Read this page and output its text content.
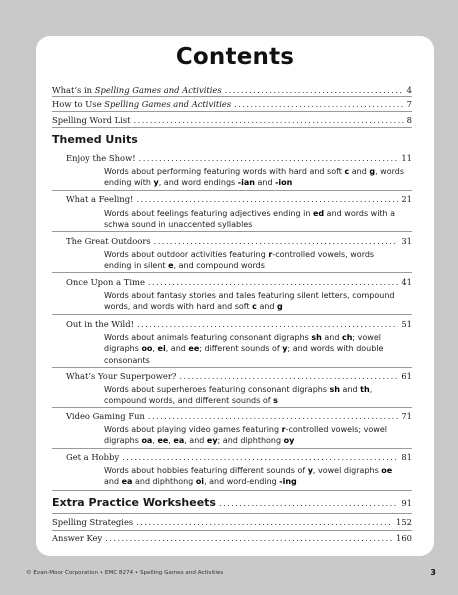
Contents
What’s in Spelling Games and Activities .....	4
How to Use Spelling Games and Activities .....	7
Spelling Word List .....	8
Themed Units
Enjoy the Show! .....	11
Words about performing featuring words with hard and soft c and g, words ending with y, and word endings -ian and -ion
What a Feeling! .....	21
Words about feelings featuring adjectives ending in ed and words with a schwa sound in unaccented syllables
The Great Outdoors .....	31
Words about outdoor activities featuring r-controlled vowels, words ending in silent e, and compound words
Once Upon a Time .....	41
Words about fantasy stories and tales featuring silent letters, compound words, and words with hard and soft c and g
Out in the Wild! .....	51
Words about animals featuring consonant digraphs sh and ch; vowel digraphs oo, ei, and ee; different sounds of y; and words with double consonants
What’s Your Superpower? .....	61
Words about superheroes featuring consonant digraphs sh and th, compound words, and different sounds of s
Video Gaming Fun .....	71
Words about playing video games featuring r-controlled vowels; vowel digraphs oa, ee, ea, and ey; and diphthong oy
Get a Hobby .....	81
Words about hobbies featuring different sounds of y, vowel digraphs oe and ea and diphthong oi, and word-ending -ing
Extra Practice Worksheets .....	91
Spelling Strategies .....	152
Answer Key .....	160
© Evan-Moor Corporation • EMC 8274 • Spelling Games and Activities	3
